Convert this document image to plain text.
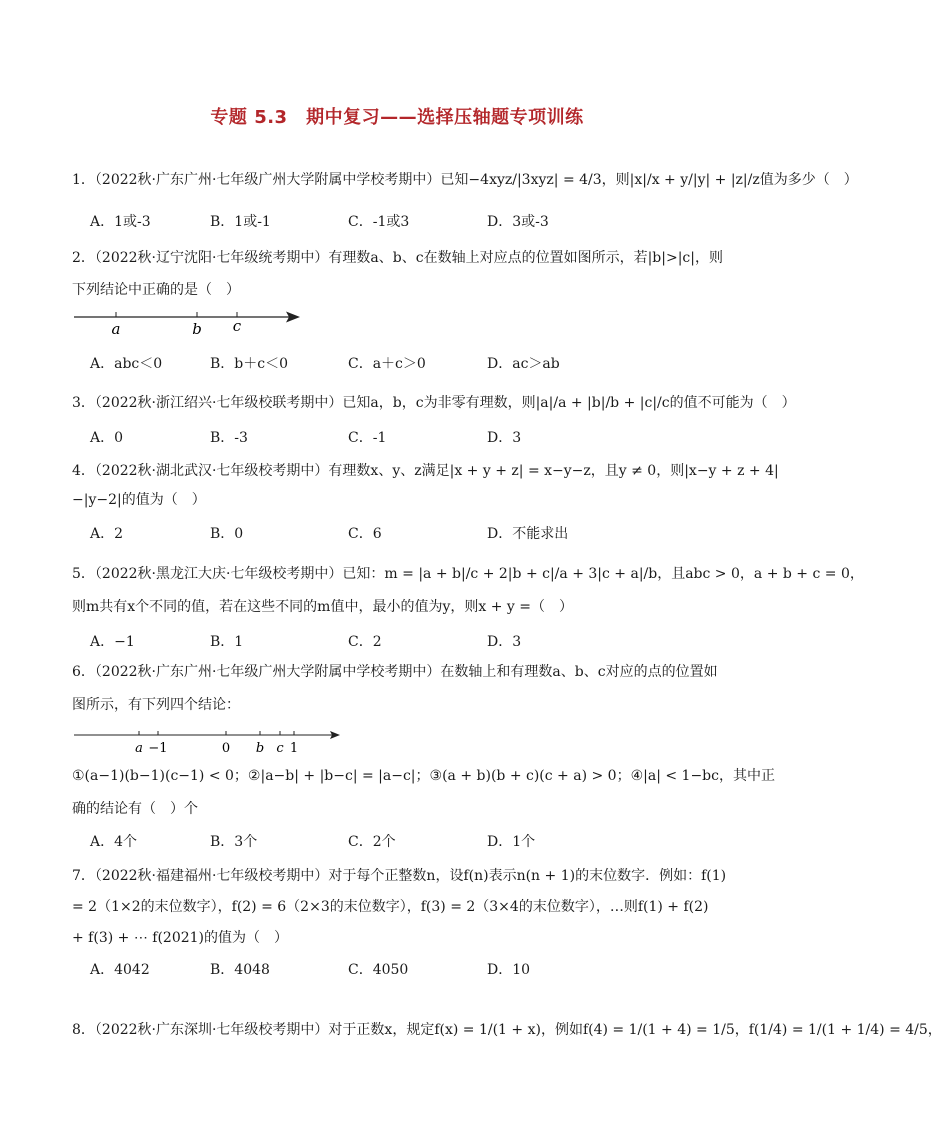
专题 5.3　期中复习——选择压轴题专项训练
1．（2022秋·广东广州·七年级广州大学附属中学校考期中）已知−4xyz/|3xyz| = 4/3，则|x|/x + y/|y| + |z|/z值为多少（　）
A．1或-3	B．1或-1	C．-1或3	D．3或-3
2．（2022秋·辽宁沈阳·七年级统考期中）有理数a、b、c在数轴上对应点的位置如图所示，若|b|>|c|，则
下列结论中正确的是（　）
a	b c
A．abc＜0	B．b＋c＜0	C．a＋c＞0	D．ac＞ab
3．（2022秋·浙江绍兴·七年级校联考期中）已知a，b，c为非零有理数，则|a|/a + |b|/b + |c|/c的值不可能为（　）
A．0	B．-3	C．-1	D．3
4．（2022秋·湖北武汉·七年级校考期中）有理数x、y、z满足|x + y + z| = x−y−z，且y ≠ 0，则|x−y + z + 4|
−|y−2|的值为（　）
A．2	B．0	C．6	D．不能求出
5．（2022秋·黑龙江大庆·七年级校考期中）已知：m = |a + b|/c + 2|b + c|/a + 3|c + a|/b，且abc > 0，a + b + c = 0，
则m共有x个不同的值，若在这些不同的m值中，最小的值为y，则x + y =（　）
A．−1	B．1	C．2	D．3
6．（2022秋·广东广州·七年级广州大学附属中学校考期中）在数轴上和有理数a、b、c对应的点的位置如
图所示，有下列四个结论：
a −1	0 b c 1
①(a−1)(b−1)(c−1) < 0；②|a−b| + |b−c| = |a−c|；③(a + b)(b + c)(c + a) > 0；④|a| < 1−bc，其中正
确的结论有（　）个
A．4个	B．3个	C．2个	D．1个
7．（2022秋·福建福州·七年级校考期中）对于每个正整数n，设f(n)表示n(n + 1)的末位数字．例如：f(1)
= 2（1×2的末位数字），f(2) = 6（2×3的末位数字），f(3) = 2（3×4的末位数字），…则f(1) + f(2)
+ f(3) + ⋯ f(2021)的值为（　）
A．4042	B．4048	C．4050	D．10
8．（2022秋·广东深圳·七年级校考期中）对于正数x，规定f(x) = 1/(1 + x)，例如f(4) = 1/(1 + 4) = 1/5，f(1/4) = 1/(1 + 1/4) = 4/5，
